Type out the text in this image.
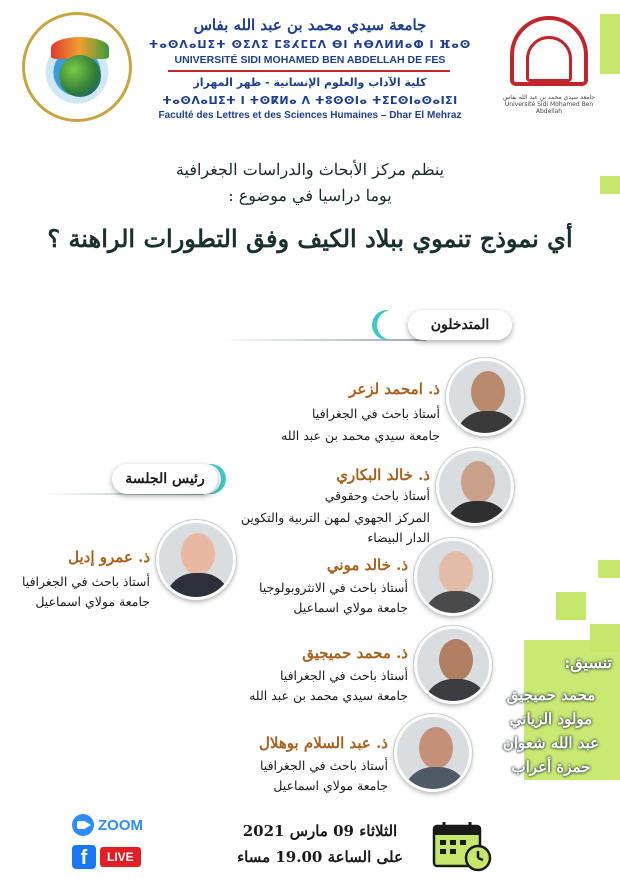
جامعة سيدي محمد بن عبد الله بفاس Université Sidi Mohamed Ben Abdellah
جامعة سيدي محمد بن عبد الله بفاس
ⵜⴰⵙⴷⴰⵡⵉⵜ ⵙⵉⴷⵉ ⵎⵓⵃⵎⵎⴷ ⴱⵏ ⵄⴱⴷⵍⵍⴰⵀ ⵏ ⴼⴰⵙ
UNIVERSITÉ SIDI MOHAMED BEN ABDELLAH DE FES
كلية الآداب والعلوم الإنسانية - ظهر المهراز
ⵜⴰⵙⴷⴰⵡⵉⵜ ⵏ ⵜⵙⴽⵍⴰ ⴷ ⵜⵓⵙⵙⵏⴰ ⵜⵉⵎⵙⵏⴰⵙⴰⵏⵉⵏ
Faculté des Lettres et des Sciences Humaines – Dhar El Mehraz
ينظم مركز الأبحاث والدراسات الجغرافية
يوما دراسيا في موضوع :
أي نموذج تنموي ببلاد الكيف وفق التطورات الراهنة ؟
المتدخلون
رئيس الجلسة
ذ. عمرو إديل
أستاذ باحث في الجغرافيا
جامعة مولاي اسماعيل
ذ. امحمد لزعر
أستاذ باحث في الجغرافيا
جامعة سيدي محمد بن عبد الله
ذ. خالد البكاري
أستاذ باحث وحقوقي
المركز الجهوي لمهن التربية والتكوين
الدار البيضاء
ذ. خالد موني
أستاذ باحث في الانثروبولوجيا
جامعة مولاي اسماعيل
ذ. محمد حميجيق
أستاذ باحث في الجغرافيا
جامعة سيدي محمد بن عبد الله
ذ. عبد السلام بوهلال
أستاذ باحث في الجغرافيا
جامعة مولاي اسماعيل
تنسيق:
محمد حميجيق
مولود الزياني
عبد الله شعوان
حمزة أعراب
ZOOM
f	LIVE
الثلاثاء 09 مارس 2021
على الساعة 19.00 مساء
